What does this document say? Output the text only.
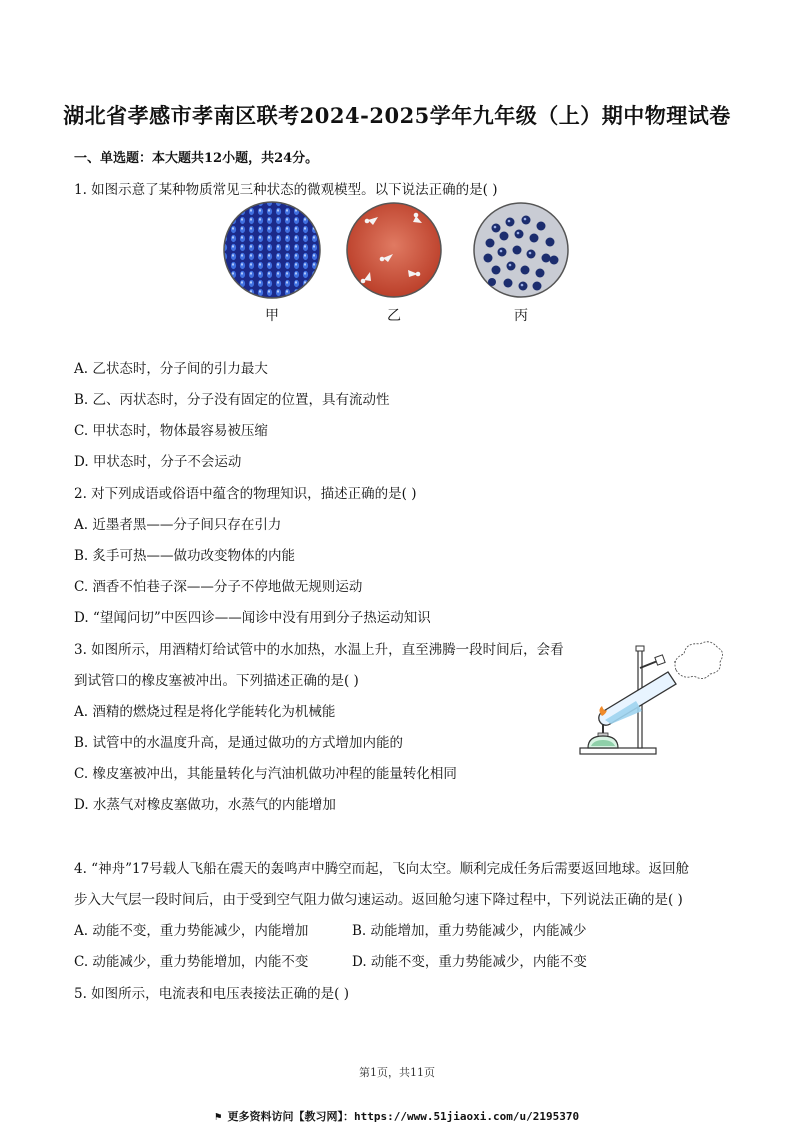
湖北省孝感市孝南区联考2024-2025学年九年级（上）期中物理试卷
一、单选题：本大题共12小题，共24分。
1. 如图示意了某种物质常见三种状态的微观模型。以下说法正确的是( )
甲	乙	丙
A. 乙状态时，分子间的引力最大
B. 乙、丙状态时，分子没有固定的位置，具有流动性
C. 甲状态时，物体最容易被压缩
D. 甲状态时，分子不会运动
2. 对下列成语或俗语中蕴含的物理知识，描述正确的是( )
A. 近墨者黑——分子间只存在引力
B. 炙手可热——做功改变物体的内能
C. 酒香不怕巷子深——分子不停地做无规则运动
D. “望闻问切”中医四诊——闻诊中没有用到分子热运动知识
3. 如图所示，用酒精灯给试管中的水加热，水温上升，直至沸腾一段时间后，会看
到试管口的橡皮塞被冲出。下列描述正确的是( )
A. 酒精的燃烧过程是将化学能转化为机械能
B. 试管中的水温度升高，是通过做功的方式增加内能的
C. 橡皮塞被冲出，其能量转化与汽油机做功冲程的能量转化相同
D. 水蒸气对橡皮塞做功，水蒸气的内能增加
4. “神舟”17号载人飞船在震天的轰鸣声中腾空而起，飞向太空。顺利完成任务后需要返回地球。返回舱
步入大气层一段时间后，由于受到空气阻力做匀速运动。返回舱匀速下降过程中，下列说法正确的是( )
A. 动能不变，重力势能减少，内能增加	B. 动能增加，重力势能减少，内能减少
C. 动能减少，重力势能增加，内能不变	D. 动能不变，重力势能减少，内能不变
5. 如图所示，电流表和电压表接法正确的是( )
第1页，共11页
⚑ 更多资料访问【教习网】：https://www.51jiaoxi.com/u/2195370
